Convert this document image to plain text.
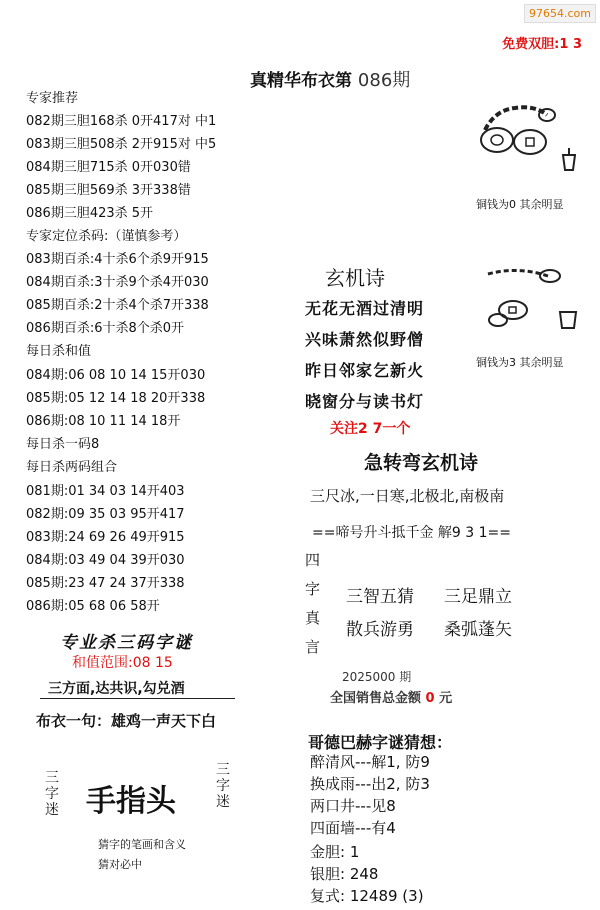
97654.com
免费双胆:1 3
真精华布衣第 086期
专家推荐
082期三胆168杀 0开417对 中1
083期三胆508杀 2开915对 中5
084期三胆715杀 0开030错
085期三胆569杀 3开338错
086期三胆423杀 5开
专家定位杀码:（谨慎参考）
083期百杀:4十杀6个杀9开915
084期百杀:3十杀9个杀4开030
085期百杀:2十杀4个杀7开338
086期百杀:6十杀8个杀0开
每日杀和值
084期:06 08 10 14 15开030
085期:05 12 14 18 20开338
086期:08 10 11 14 18开
每日杀一码8
每日杀两码组合
081期:01 34 03 14开403
082期:09 35 03 95开417
083期:24 69 26 49开915
084期:03 49 04 39开030
085期:23 47 24 37开338
086期:05 68 06 58开
专业杀三码字谜
和值范围:08 15
三方面,达共识,勾兑酒
布衣一句：雄鸡一声天下白
三字迷 手指头
三字迷
猜字的笔画和含义
猜对必中
铜钱为0 其余明显
铜钱为3 其余明显
玄机诗
无花无酒过清明
兴味萧然似野僧
昨日邻家乞新火
晓窗分与读书灯
关注2 7一个
急转弯玄机诗
三尺冰,一日寒,北极北,南极南
==啼号升斗抵千金 解9 3 1==
四
字
真
言
三智五猜 三足鼎立
散兵游勇 桑弧蓬矢
2025000 期
全国销售总金额 0 元
哥德巴赫字谜猜想：
醉清风---解1, 防9
换成雨---出2, 防3
两口井---见8
四面墙---有4
金胆: 1
银胆: 248
复式: 12489 (3)
